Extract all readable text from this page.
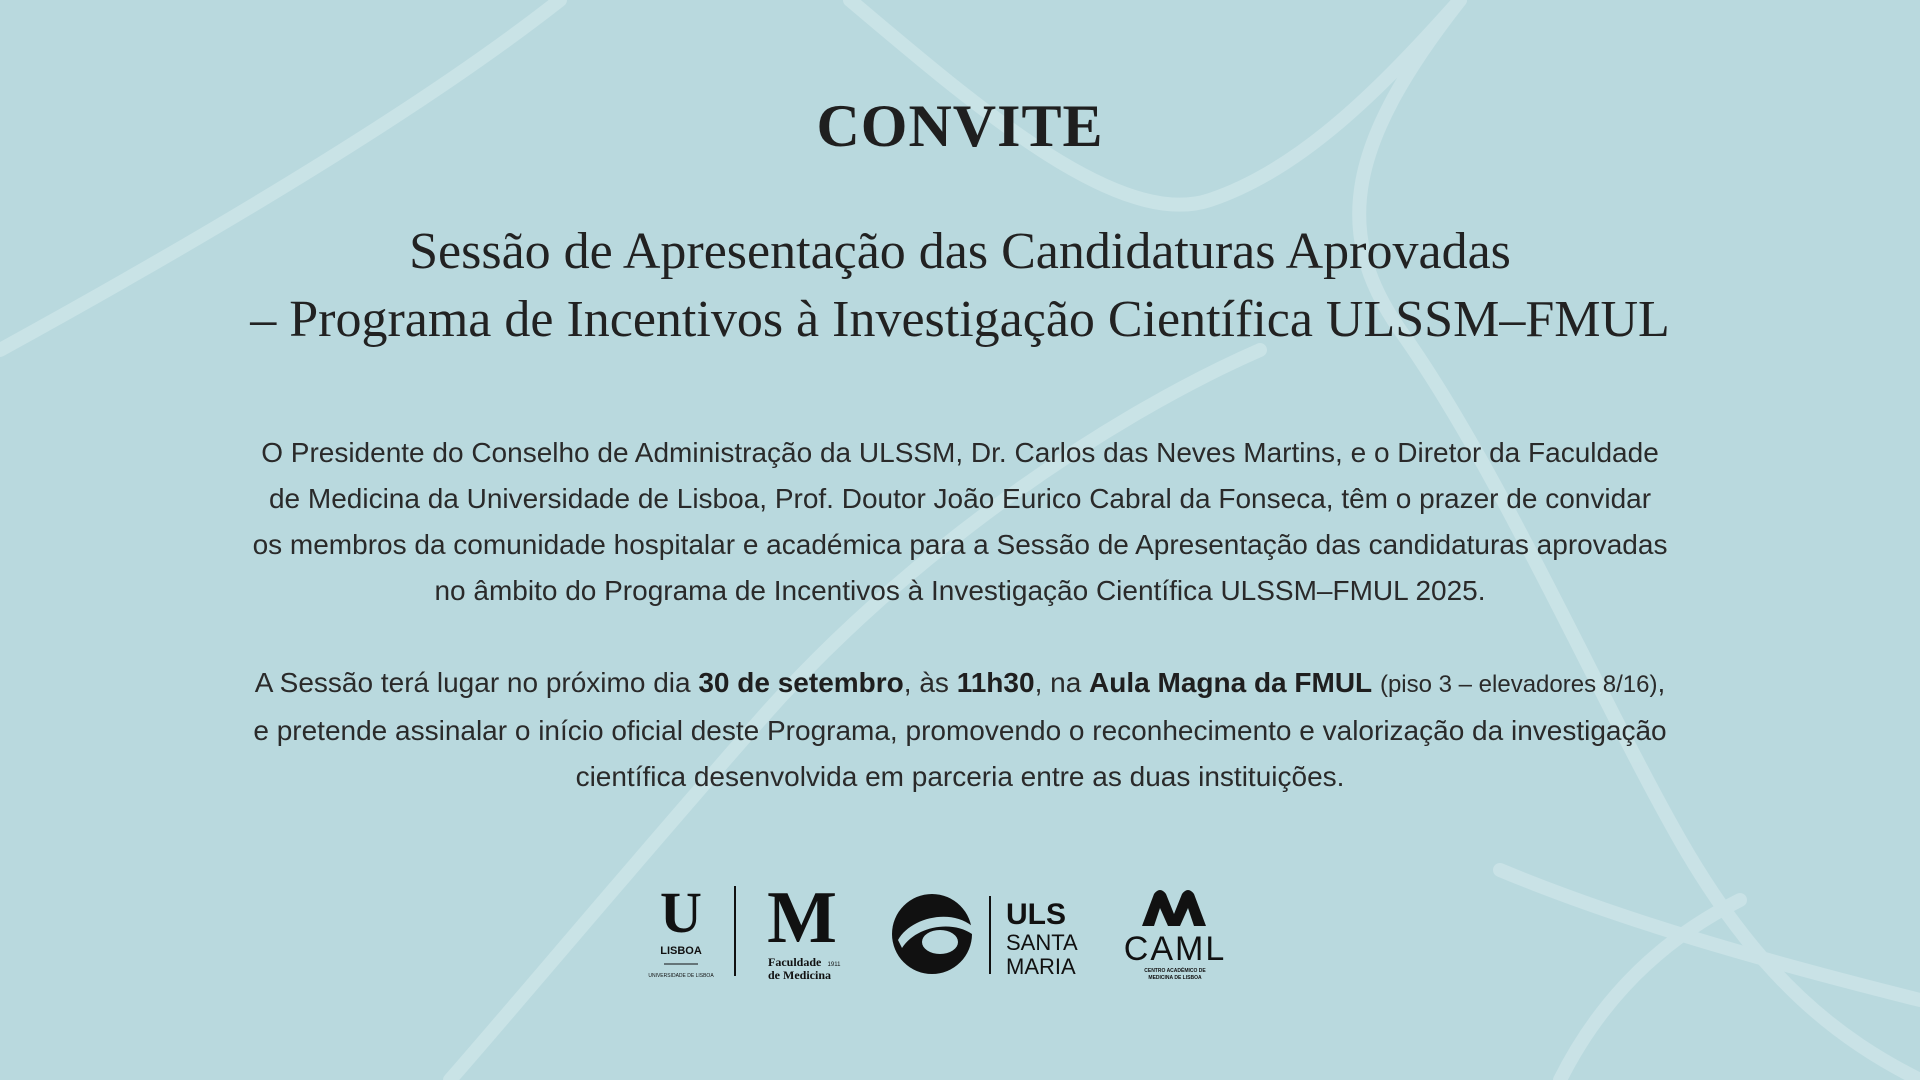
CONVITE
Sessão de Apresentação das Candidaturas Aprovadas
– Programa de Incentivos à Investigação Científica ULSSM–FMUL
O Presidente do Conselho de Administração da ULSSM, Dr. Carlos das Neves Martins, e o Diretor da Faculdade
de Medicina da Universidade de Lisboa, Prof. Doutor João Eurico Cabral da Fonseca, têm o prazer de convidar
os membros da comunidade hospitalar e académica para a Sessão de Apresentação das candidaturas aprovadas
no âmbito do Programa de Incentivos à Investigação Científica ULSSM–FMUL 2025.
A Sessão terá lugar no próximo dia 30 de setembro, às 11h30, na Aula Magna da FMUL (piso 3 – elevadores 8/16),
e pretende assinalar o início oficial deste Programa, promovendo o reconhecimento e valorização da investigação
científica desenvolvida em parceria entre as duas instituições.
U
LISBOA
UNIVERSIDADE DE LISBOA
M
Faculdade 1911
de Medicina
ULS
SANTA
MARIA CAML
CENTRO ACADÉMICO DE
MEDICINA DE LISBOA
